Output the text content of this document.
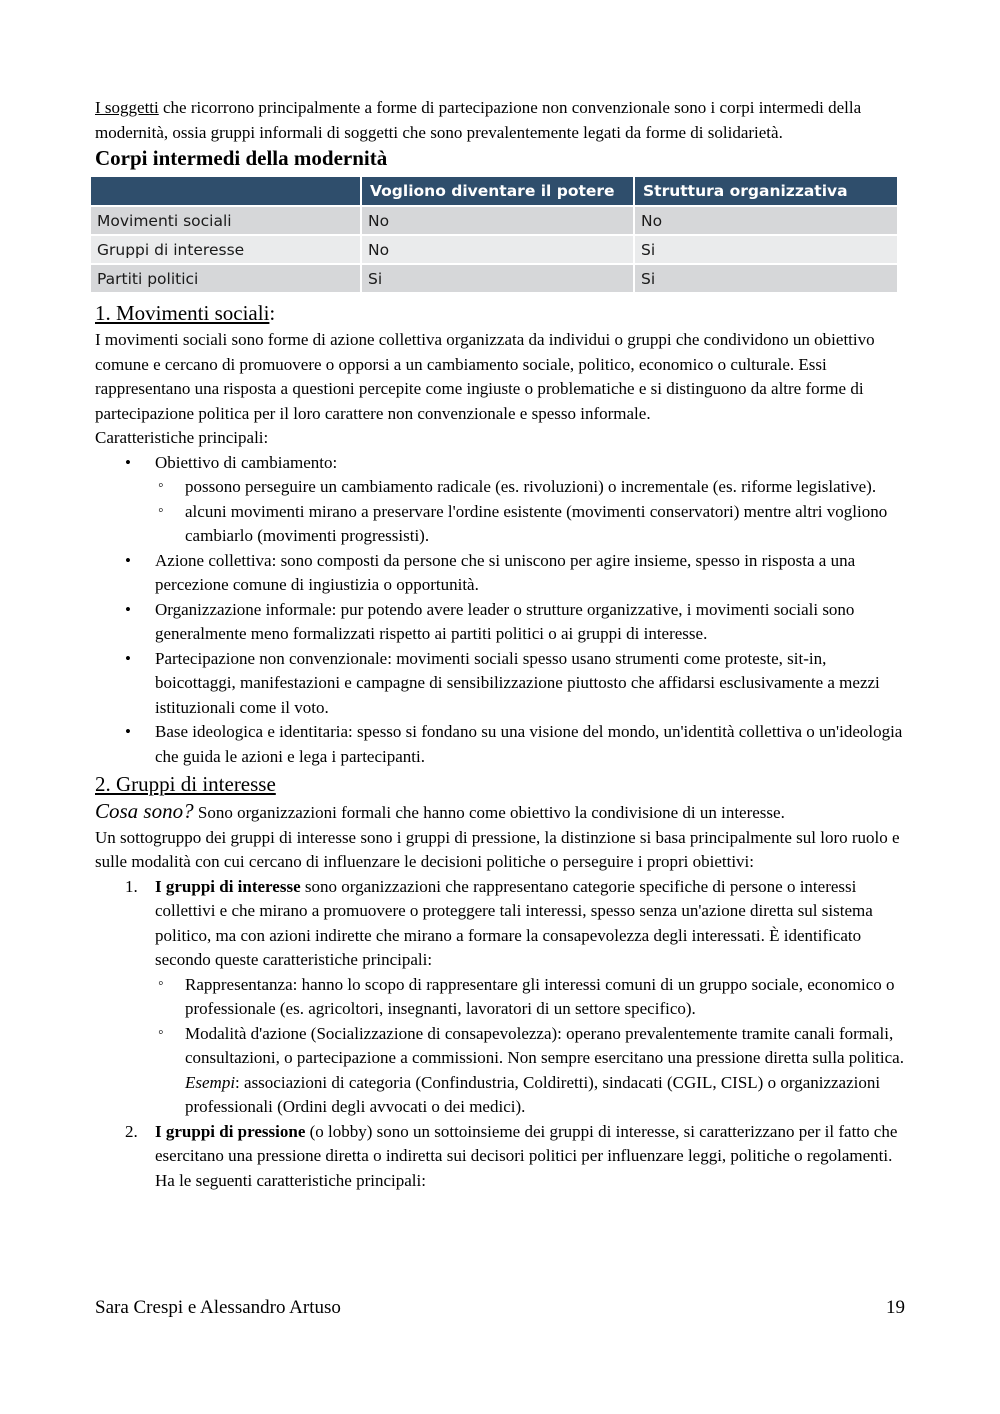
I soggetti che ricorrono principalmente a forme di partecipazione non convenzionale sono i corpi intermedi della modernità, ossia gruppi informali di soggetti che sono prevalentemente legati da forme di solidarietà.

Corpi intermedi della modernità

	Vogliono diventare il potere	Struttura organizzativa
Movimenti sociali	No	No
Gruppi di interesse	No	Si
Partiti politici	Si	Si

1. Movimenti sociali:

I movimenti sociali sono forme di azione collettiva organizzata da individui o gruppi che condividono un obiettivo comune e cercano di promuovere o opporsi a un cambiamento sociale, politico, economico o culturale. Essi rappresentano una risposta a questioni percepite come ingiuste o problematiche e si distinguono da altre forme di partecipazione politica per il loro carattere non convenzionale e spesso informale.

Caratteristiche principali:

• Obiettivo di cambiamento:
◦ possono perseguire un cambiamento radicale (es. rivoluzioni) o incrementale (es. riforme legislative).
◦ alcuni movimenti mirano a preservare l'ordine esistente (movimenti conservatori) mentre altri vogliono cambiarlo (movimenti progressisti).
• Azione collettiva: sono composti da persone che si uniscono per agire insieme, spesso in risposta a una percezione comune di ingiustizia o opportunità.
• Organizzazione informale: pur potendo avere leader o strutture organizzative, i movimenti sociali sono generalmente meno formalizzati rispetto ai partiti politici o ai gruppi di interesse.
• Partecipazione non convenzionale: movimenti sociali spesso usano strumenti come proteste, sit-in, boicottaggi, manifestazioni e campagne di sensibilizzazione piuttosto che affidarsi esclusivamente a mezzi istituzionali come il voto.
• Base ideologica e identitaria: spesso si fondano su una visione del mondo, un'identità collettiva o un'ideologia che guida le azioni e lega i partecipanti.

2. Gruppi di interesse

Cosa sono? Sono organizzazioni formali che hanno come obiettivo la condivisione di un interesse.

Un sottogruppo dei gruppi di interesse sono i gruppi di pressione, la distinzione si basa principalmente sul loro ruolo e sulle modalità con cui cercano di influenzare le decisioni politiche o perseguire i propri obiettivi:

1. I gruppi di interesse sono organizzazioni che rappresentano categorie specifiche di persone o interessi collettivi e che mirano a promuovere o proteggere tali interessi, spesso senza un'azione diretta sul sistema politico, ma con azioni indirette che mirano a formare la consapevolezza degli interessati. È identificato secondo queste caratteristiche principali:
◦ Rappresentanza: hanno lo scopo di rappresentare gli interessi comuni di un gruppo sociale, economico o professionale (es. agricoltori, insegnanti, lavoratori di un settore specifico).
◦ Modalità d'azione (Socializzazione di consapevolezza): operano prevalentemente tramite canali formali, consultazioni, o partecipazione a commissioni. Non sempre esercitano una pressione diretta sulla politica.
Esempi: associazioni di categoria (Confindustria, Coldiretti), sindacati (CGIL, CISL) o organizzazioni professionali (Ordini degli avvocati o dei medici).
2. I gruppi di pressione (o lobby) sono un sottoinsieme dei gruppi di interesse, si caratterizzano per il fatto che esercitano una pressione diretta o indiretta sui decisori politici per influenzare leggi, politiche o regolamenti. Ha le seguenti caratteristiche principali:
Sara Crespi e Alessandro Artuso	19
